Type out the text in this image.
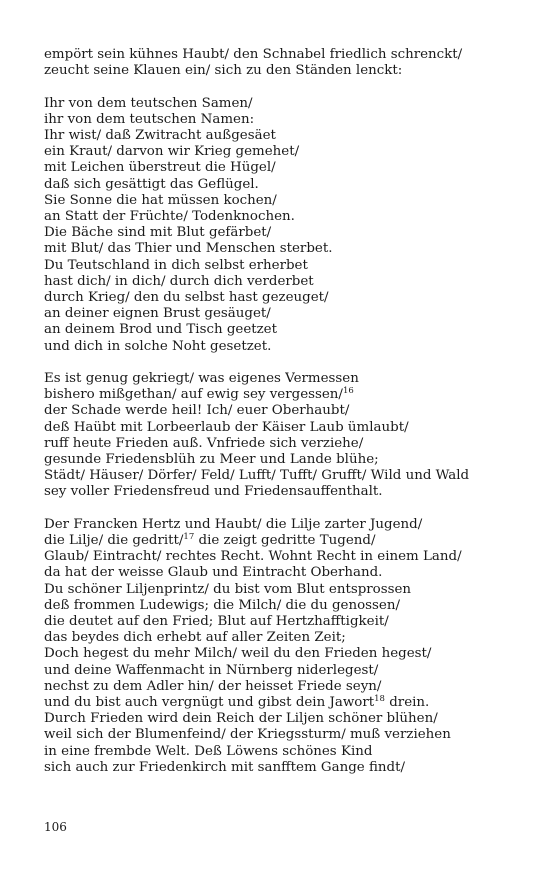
empört sein kühnes Haubt/ den Schnabel friedlich schrenckt/
zeucht seine Klauen ein/ sich zu den Ständen lenckt:
Ihr von dem teutschen Samen/
ihr von dem teutschen Namen:
Ihr wist/ daß Zwitracht außgesäet
ein Kraut/ darvon wir Krieg gemehet/
mit Leichen überstreut die Hügel/
daß sich gesättigt das Geflügel.
Sie Sonne die hat müssen kochen/
an Statt der Früchte/ Todenknochen.
Die Bäche sind mit Blut gefärbet/
mit Blut/ das Thier und Menschen sterbet.
Du Teutschland in dich selbst erherbet
hast dich/ in dich/ durch dich verderbet
durch Krieg/ den du selbst hast gezeuget/
an deiner eignen Brust gesäuget/
an deinem Brod und Tisch geetzet
und dich in solche Noht gesetzet.
Es ist genug gekriegt/ was eigenes Vermessen
bishero mißgethan/ auf ewig sey vergessen/$^{16}$
der Schade werde heil! Ich/ euer Oberhaubt/
deß Haübt mit Lorbeerlaub der Käiser Laub ümlaubt/
ruff heute Frieden auß. Vnfriede sich verziehe/
gesunde Friedensblüh zu Meer und Lande blühe;
Städt/ Häuser/ Dörfer/ Feld/ Lufft/ Tufft/ Grufft/ Wild und Wald
sey voller Friedensfreud und Friedensauffenthalt.
Der Francken Hertz und Haubt/ die Lilje zarter Jugend/
die Lilje/ die gedritt/$^{17}$ die zeigt gedritte Tugend/
Glaub/ Eintracht/ rechtes Recht. Wohnt Recht in einem Land/
da hat der weisse Glaub und Eintracht Oberhand.
Du schöner Liljenprintz/ du bist vom Blut entsprossen
deß frommen Ludewigs; die Milch/ die du genossen/
die deutet auf den Fried; Blut auf Hertzhafftigkeit/
das beydes dich erhebt auf aller Zeiten Zeit;
Doch hegest du mehr Milch/ weil du den Frieden hegest/
und deine Waffenmacht in Nürnberg niderlegest/
nechst zu dem Adler hin/ der heisset Friede seyn/
und du bist auch vergnügt und gibst dein Jawort$^{18}$ drein.
Durch Frieden wird dein Reich der Liljen schöner blühen/
weil sich der Blumenfeind/ der Kriegssturm/ muß verziehen
in eine frembde Welt. Deß Löwens schönes Kind
sich auch zur Friedenkirch mit sanfftem Gange findt/
106
